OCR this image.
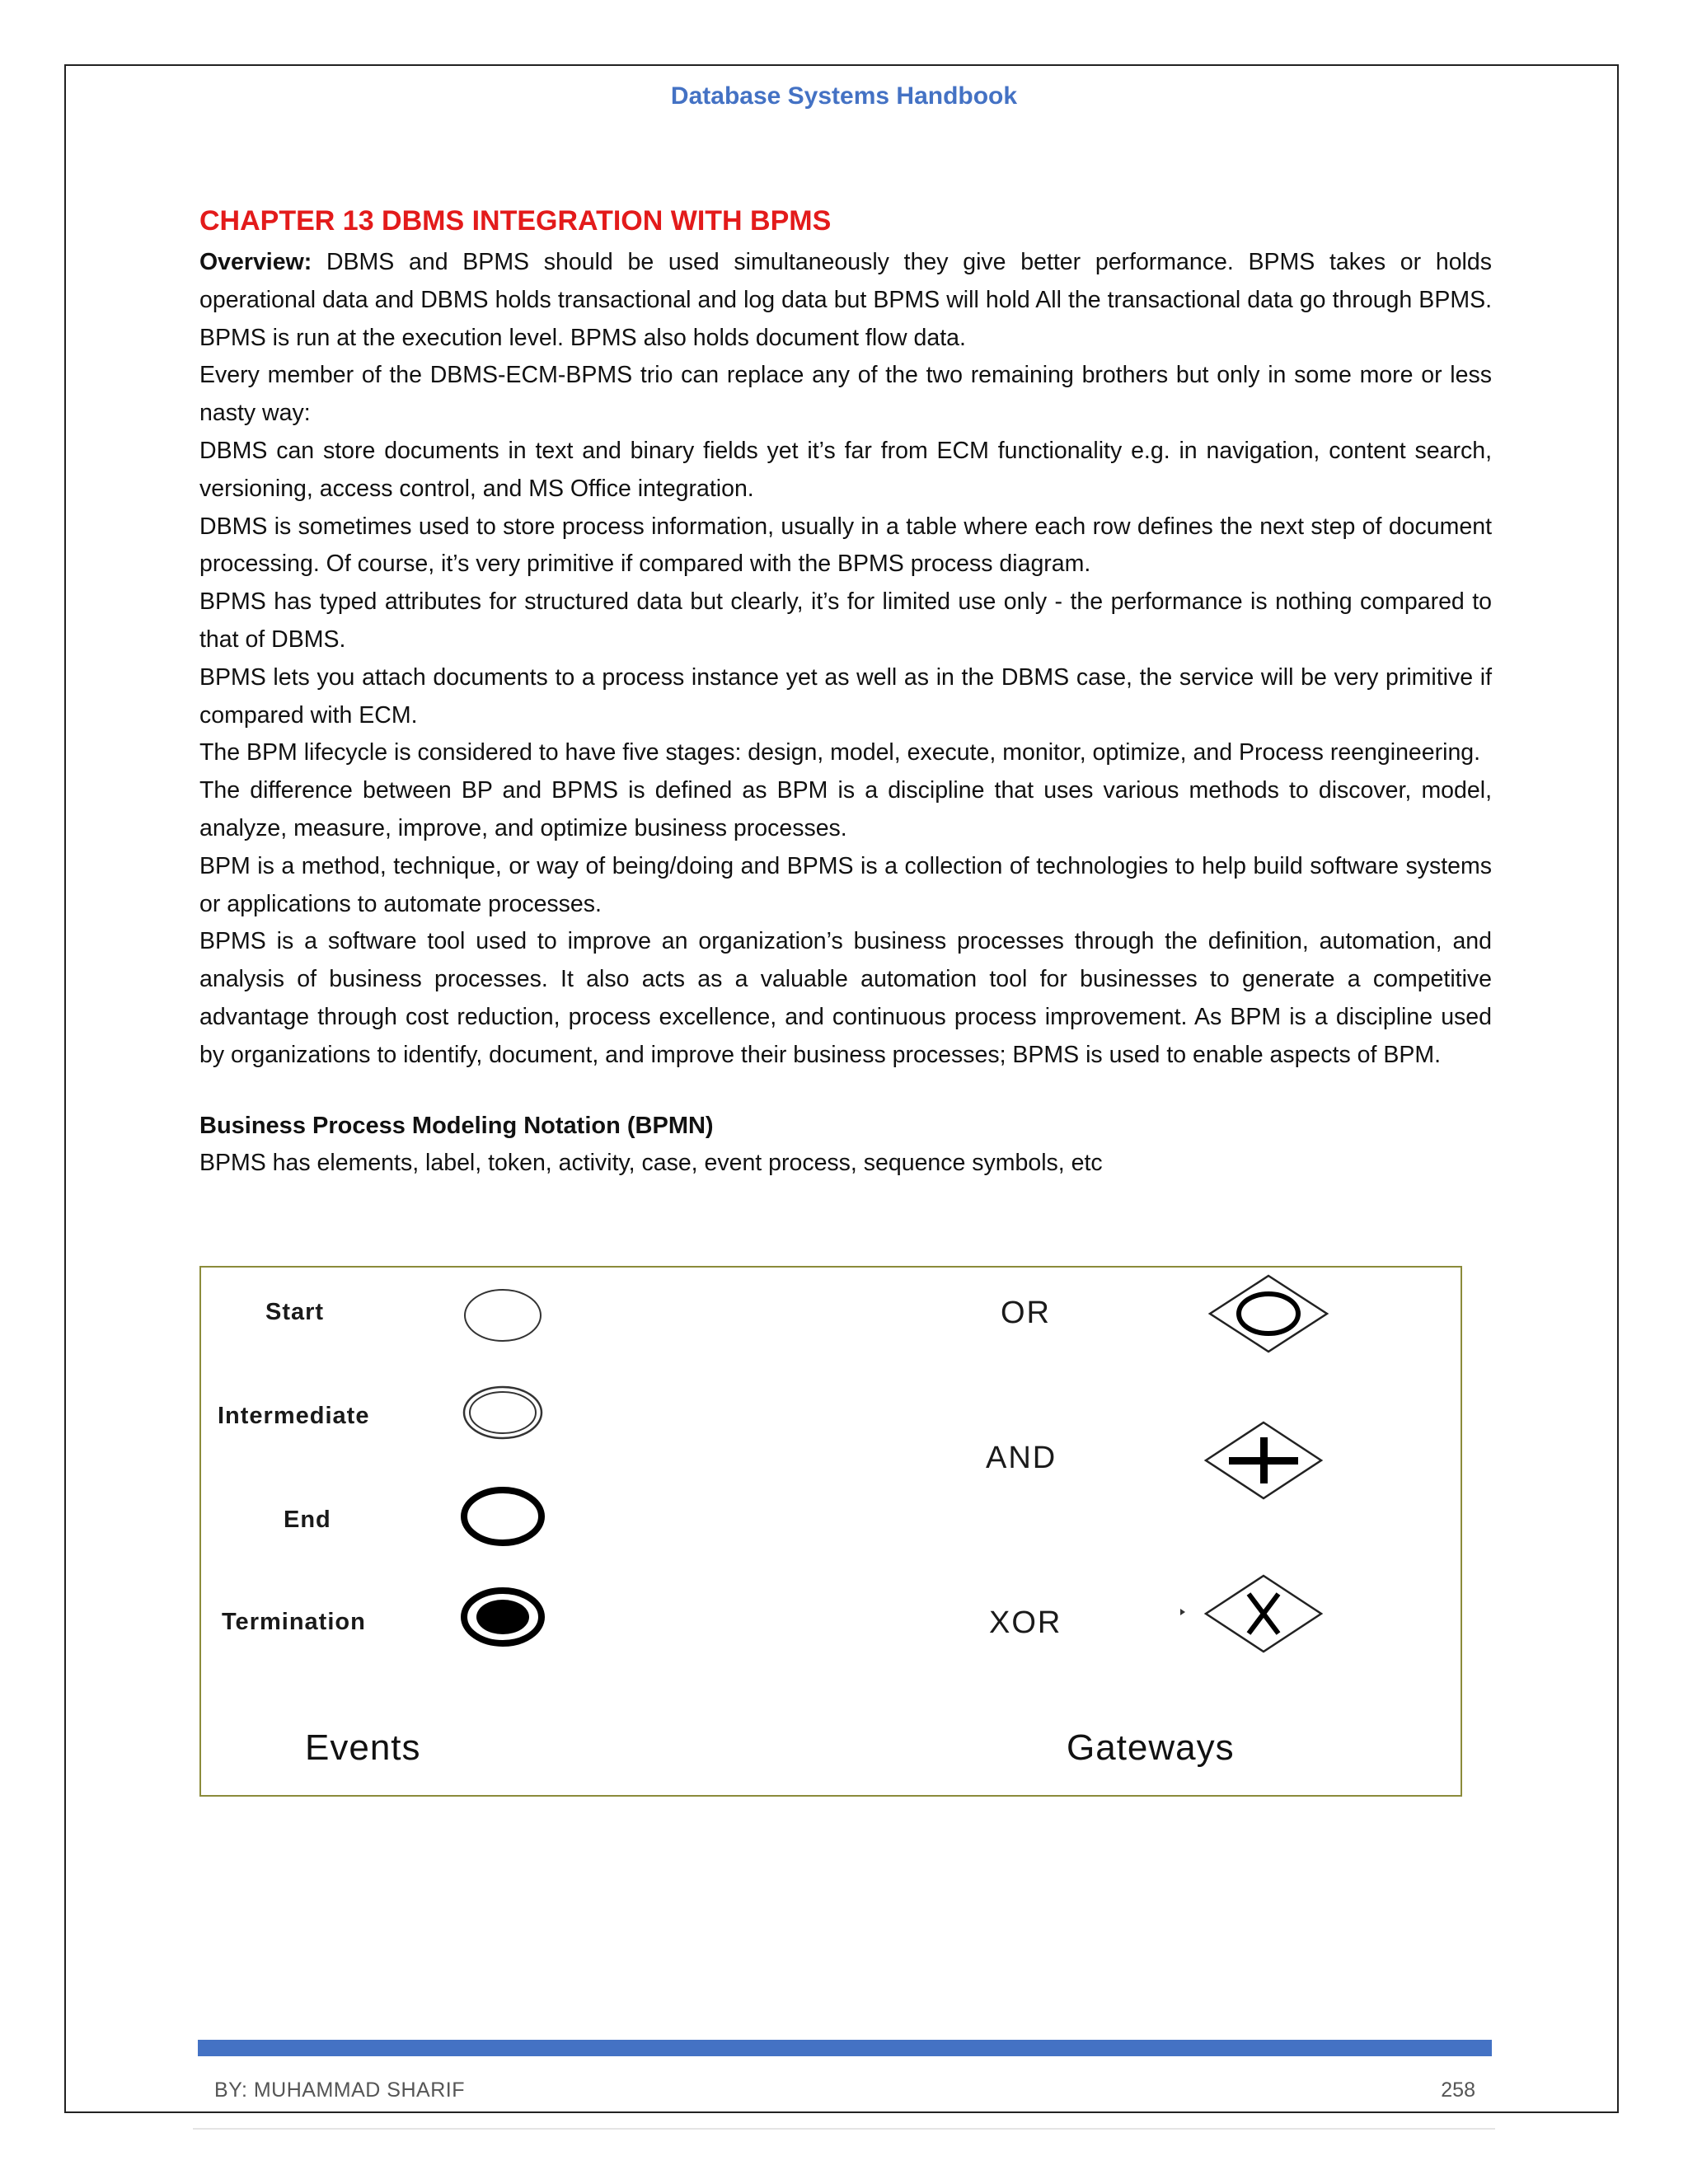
Database Systems Handbook
CHAPTER 13 DBMS INTEGRATION WITH BPMS

Overview: DBMS and BPMS should be used simultaneously they give better performance. BPMS takes or holds operational data and DBMS holds transactional and log data but BPMS will hold All the transactional data go through BPMS. BPMS is run at the execution level. BPMS also holds document flow data.

Every member of the DBMS-ECM-BPMS trio can replace any of the two remaining brothers but only in some more or less nasty way:

DBMS can store documents in text and binary fields yet it’s far from ECM functionality e.g. in navigation, content search, versioning, access control, and MS Office integration.

DBMS is sometimes used to store process information, usually in a table where each row defines the next step of document processing. Of course, it’s very primitive if compared with the BPMS process diagram.

BPMS has typed attributes for structured data but clearly, it’s for limited use only - the performance is nothing compared to that of DBMS.

BPMS lets you attach documents to a process instance yet as well as in the DBMS case, the service will be very primitive if compared with ECM.

The BPM lifecycle is considered to have five stages: design, model, execute, monitor, optimize, and Process reengineering.

The difference between BP and BPMS is defined as BPM is a discipline that uses various methods to discover, model, analyze, measure, improve, and optimize business processes.

BPM is a method, technique, or way of being/doing and BPMS is a collection of technologies to help build software systems or applications to automate processes.

BPMS is a software tool used to improve an organization’s business processes through the definition, automation, and analysis of business processes. It also acts as a valuable automation tool for businesses to generate a competitive advantage through cost reduction, process excellence, and continuous process improvement. As BPM is a discipline used by organizations to identify, document, and improve their business processes; BPMS is used to enable aspects of BPM.

Business Process Modeling Notation (BPMN)

BPMS has elements, label, token, activity, case, event process, sequence symbols, etc

Start
Intermediate
End
Termination
OR
AND
XOR
Events	Gateways
BY: MUHAMMAD SHARIF	258
